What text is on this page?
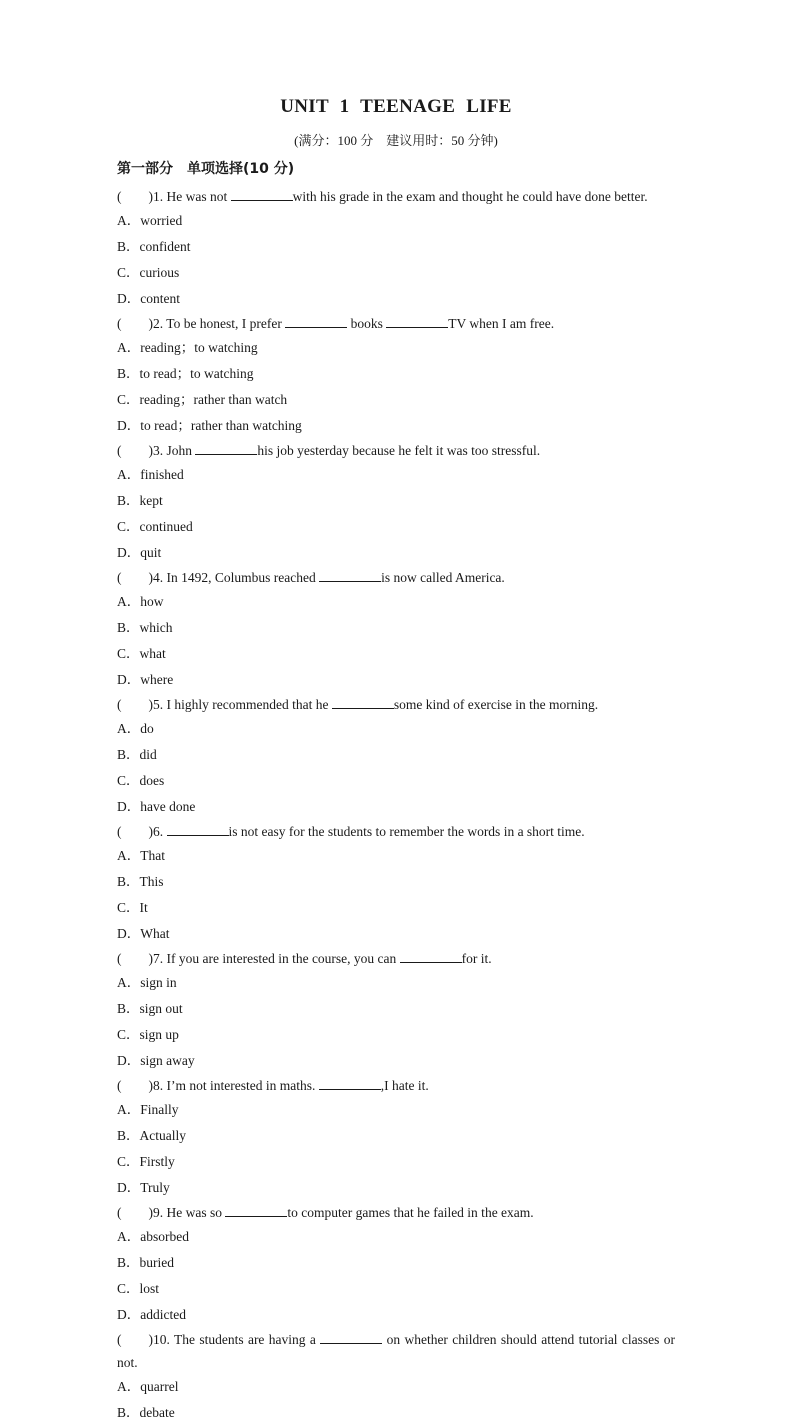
UNIT 1 TEENAGE LIFE
(满分：100 分　建议用时：50 分钟)
第一部分　单项选择(10 分)

(　　)1. He was not	with his grade in the exam and thought he could have done better.

A．worried
B．confident
C．curious
D．content

(　　)2. To be honest, I prefer	books	TV when I am free.

A．reading；to watching
B．to read；to watching
C．reading；rather than watch
D．to read；rather than watching

(　　)3. John	his job yesterday because he felt it was too stressful.

A．finished
B．kept
C．continued
D．quit

(　　)4. In 1492, Columbus reached	is now called America.

A．how
B．which
C．what
D．where

(　　)5. I highly recommended that he	some kind of exercise in the morning.

A．do
B．did
C．does
D．have done

(　　)6.	is not easy for the students to remember the words in a short time.

A．That
B．This
C．It
D．What

(　　)7. If you are interested in the course, you can	for it.

A．sign in
B．sign out
C．sign up
D．sign away

(　　)8. I’m not interested in maths.	,I hate it.

A．Finally
B．Actually
C．Firstly
D．Truly

(　　)9. He was so	to computer games that he failed in the exam.

A．absorbed
B．buried
C．lost
D．addicted

(　　)10. The students are having a	on whether children should attend tutorial classes or not.

A．quarrel
B．debate
